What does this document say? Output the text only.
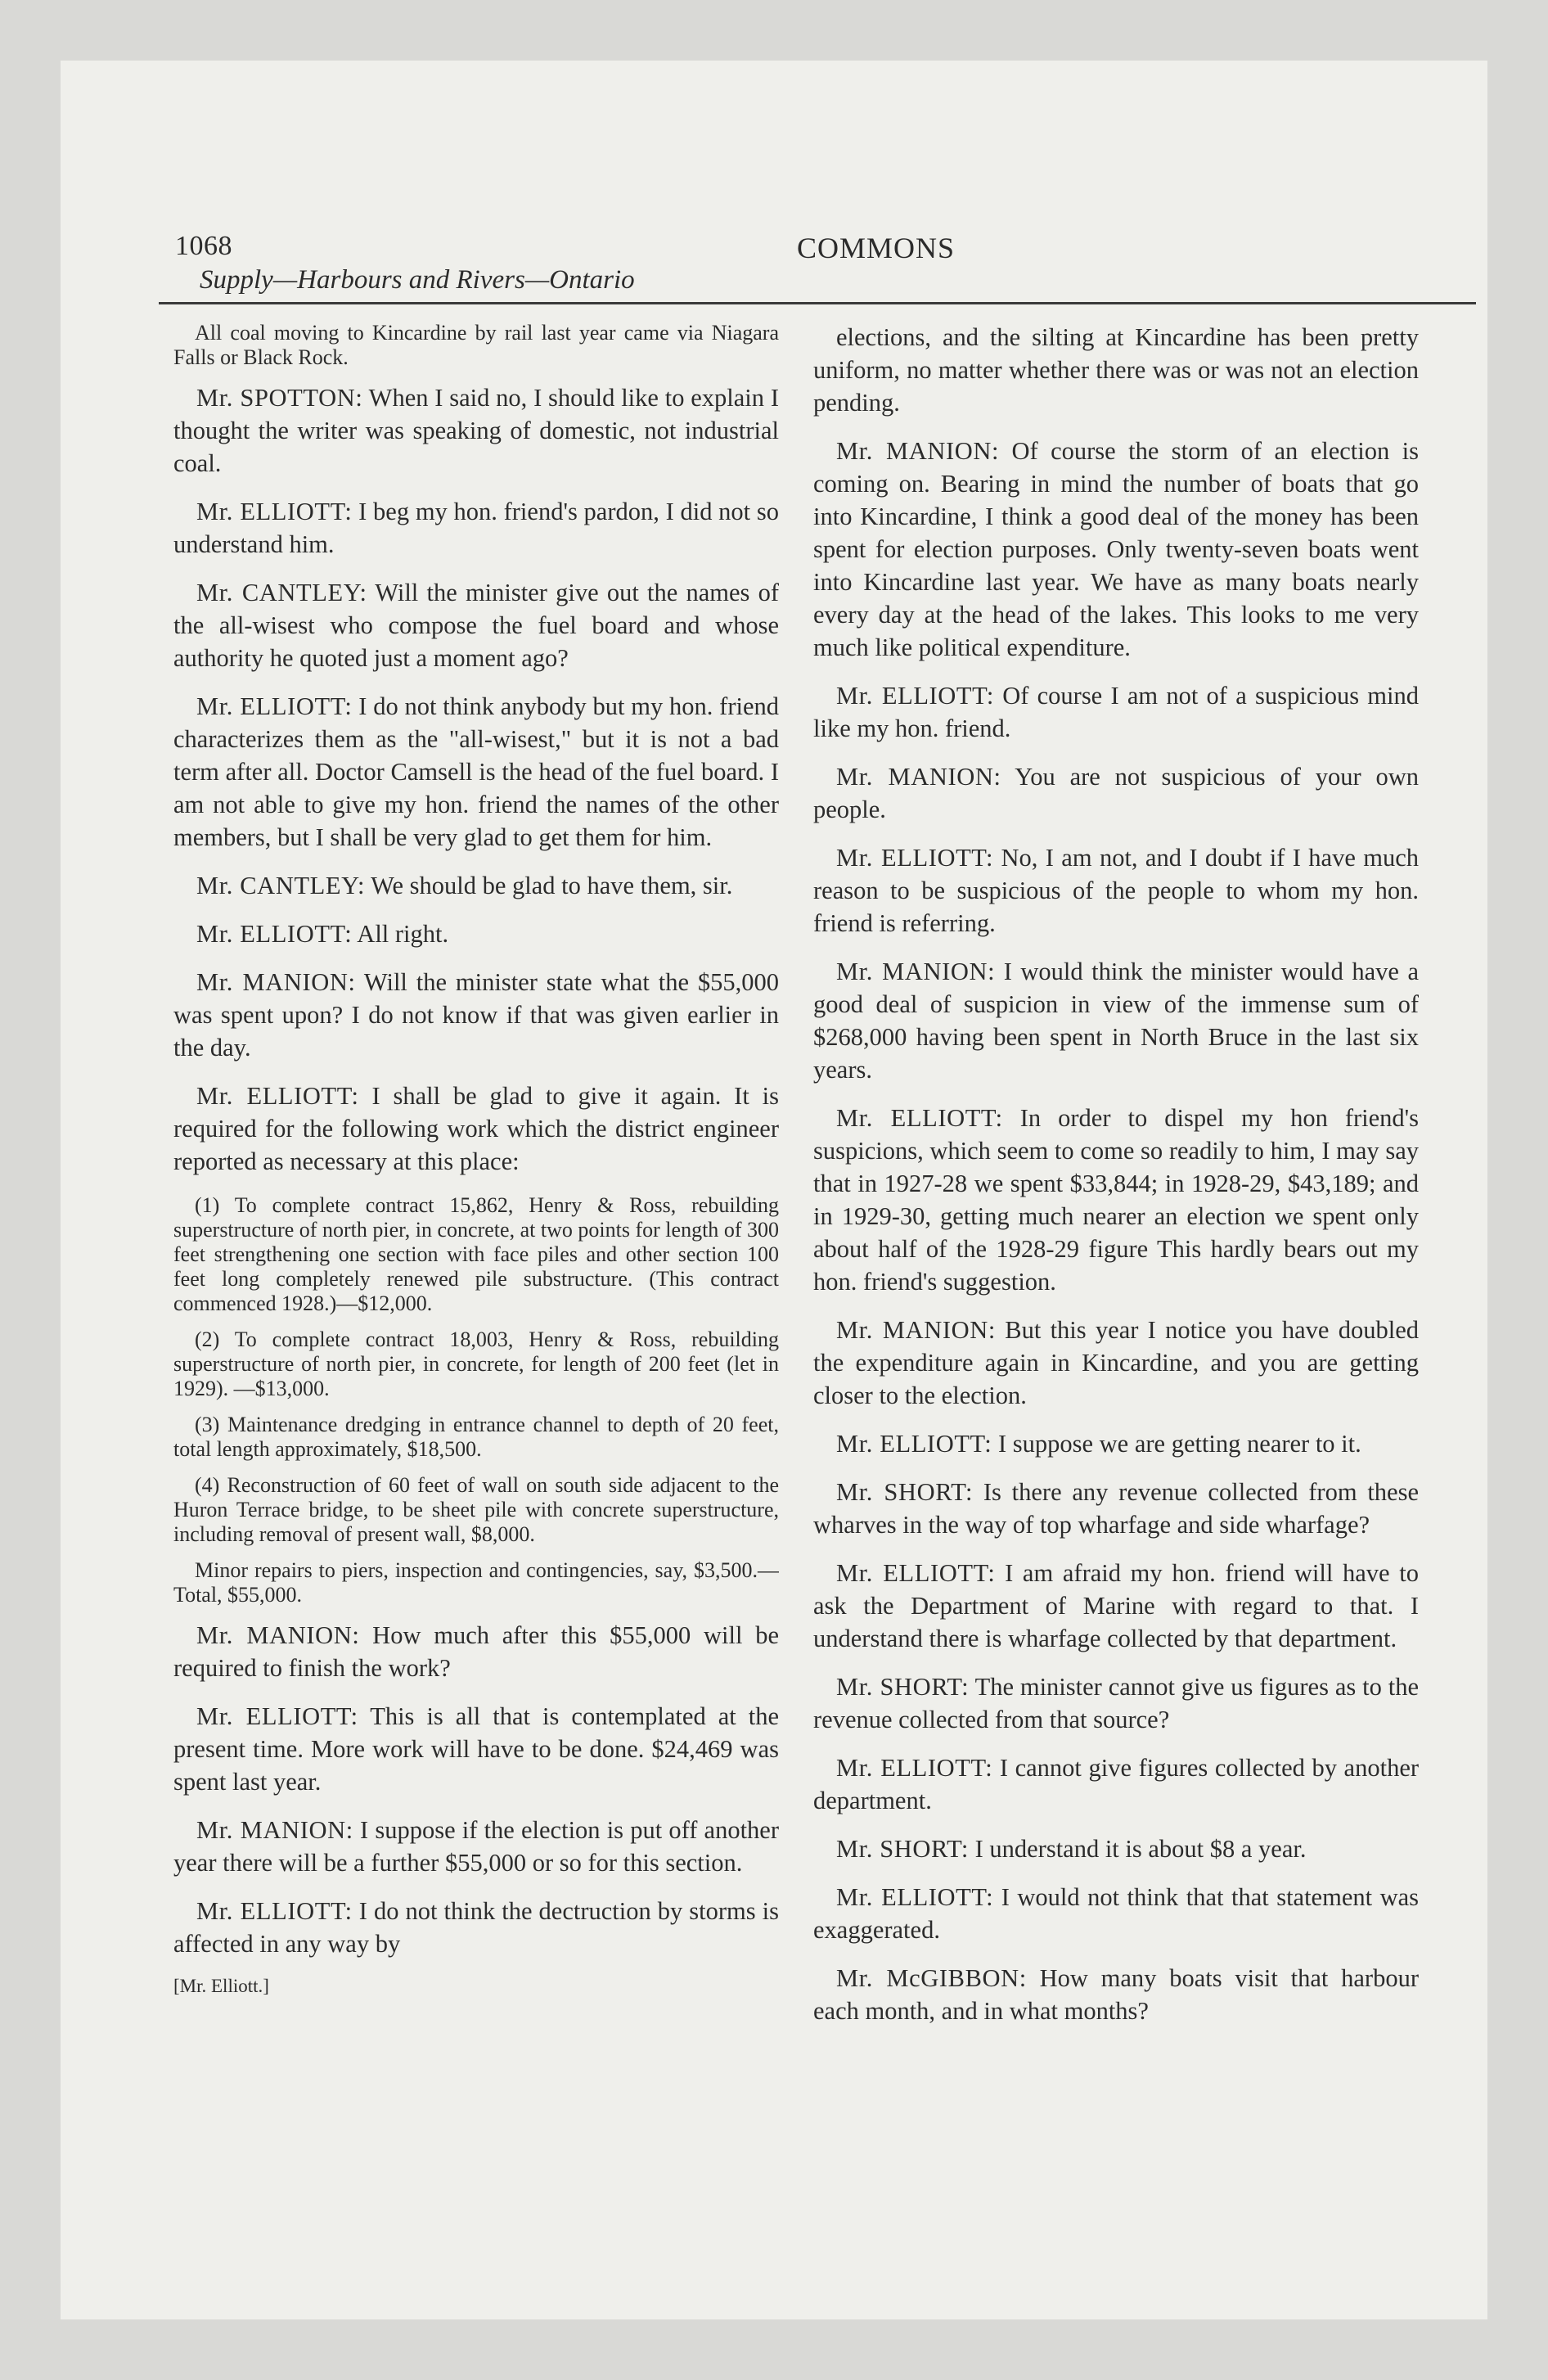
1068	COMMONS
Supply—Harbours and Rivers—Ontario

All coal moving to Kincardine by rail last year came via Niagara Falls or Black Rock.

Mr. SPOTTON: When I said no, I should like to explain I thought the writer was speaking of domestic, not industrial coal.

Mr. ELLIOTT: I beg my hon. friend's pardon, I did not so understand him.

Mr. CANTLEY: Will the minister give out the names of the all-wisest who compose the fuel board and whose authority he quoted just a moment ago?

Mr. ELLIOTT: I do not think anybody but my hon. friend characterizes them as the "all-wisest," but it is not a bad term after all. Doctor Camsell is the head of the fuel board. I am not able to give my hon. friend the names of the other members, but I shall be very glad to get them for him.

Mr. CANTLEY: We should be glad to have them, sir.

Mr. ELLIOTT: All right.

Mr. MANION: Will the minister state what the $55,000 was spent upon? I do not know if that was given earlier in the day.

Mr. ELLIOTT: I shall be glad to give it again. It is required for the following work which the district engineer reported as necessary at this place:

(1) To complete contract 15,862, Henry & Ross, rebuilding superstructure of north pier, in concrete, at two points for length of 300 feet strengthening one section with face piles and other section 100 feet long completely renewed pile substructure. (This contract commenced 1928.)—$12,000.

(2) To complete contract 18,003, Henry & Ross, rebuilding superstructure of north pier, in concrete, for length of 200 feet (let in 1929). —$13,000.

(3) Maintenance dredging in entrance channel to depth of 20 feet, total length approximately, $18,500.

(4) Reconstruction of 60 feet of wall on south side adjacent to the Huron Terrace bridge, to be sheet pile with concrete superstructure, including removal of present wall, $8,000.

Minor repairs to piers, inspection and contingencies, say, $3,500.—Total, $55,000.

Mr. MANION: How much after this $55,000 will be required to finish the work?

Mr. ELLIOTT: This is all that is contemplated at the present time. More work will have to be done. $24,469 was spent last year.

Mr. MANION: I suppose if the election is put off another year there will be a further $55,000 or so for this section.

Mr. ELLIOTT: I do not think the dectruction by storms is affected in any way by

[Mr. Elliott.]

elections, and the silting at Kincardine has been pretty uniform, no matter whether there was or was not an election pending.

Mr. MANION: Of course the storm of an election is coming on. Bearing in mind the number of boats that go into Kincardine, I think a good deal of the money has been spent for election purposes. Only twenty-seven boats went into Kincardine last year. We have as many boats nearly every day at the head of the lakes. This looks to me very much like political expenditure.

Mr. ELLIOTT: Of course I am not of a suspicious mind like my hon. friend.

Mr. MANION: You are not suspicious of your own people.

Mr. ELLIOTT: No, I am not, and I doubt if I have much reason to be suspicious of the people to whom my hon. friend is referring.

Mr. MANION: I would think the minister would have a good deal of suspicion in view of the immense sum of $268,000 having been spent in North Bruce in the last six years.

Mr. ELLIOTT: In order to dispel my hon friend's suspicions, which seem to come so readily to him, I may say that in 1927-28 we spent $33,844; in 1928-29, $43,189; and in 1929-30, getting much nearer an election we spent only about half of the 1928-29 figure This hardly bears out my hon. friend's suggestion.

Mr. MANION: But this year I notice you have doubled the expenditure again in Kincardine, and you are getting closer to the election.

Mr. ELLIOTT: I suppose we are getting nearer to it.

Mr. SHORT: Is there any revenue collected from these wharves in the way of top wharfage and side wharfage?

Mr. ELLIOTT: I am afraid my hon. friend will have to ask the Department of Marine with regard to that. I understand there is wharfage collected by that department.

Mr. SHORT: The minister cannot give us figures as to the revenue collected from that source?

Mr. ELLIOTT: I cannot give figures collected by another department.

Mr. SHORT: I understand it is about $8 a year.

Mr. ELLIOTT: I would not think that that statement was exaggerated.

Mr. McGIBBON: How many boats visit that harbour each month, and in what months?
